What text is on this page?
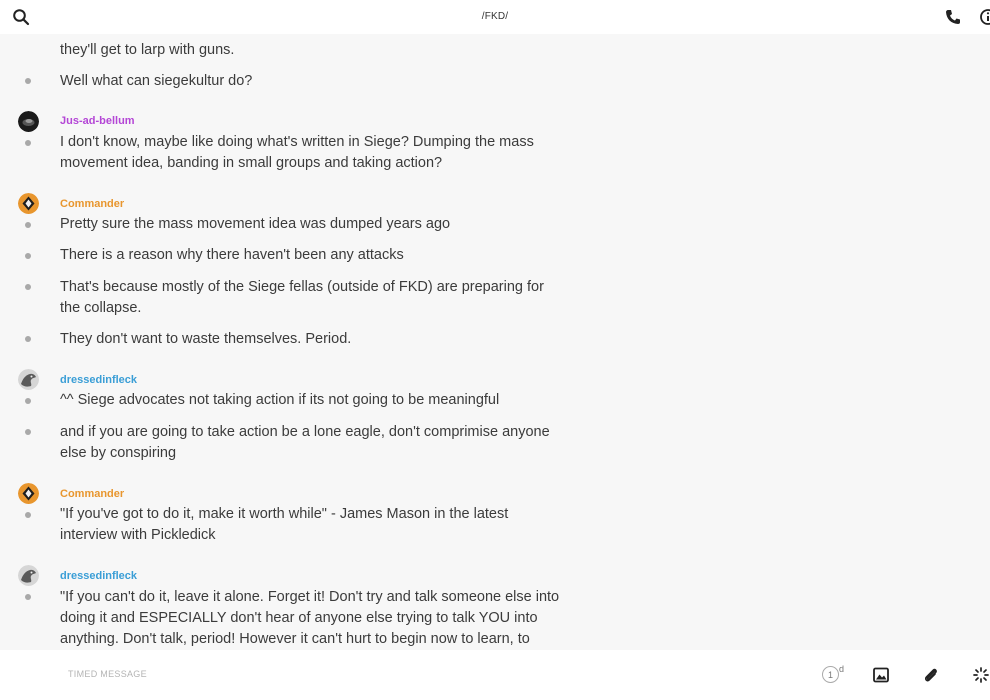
/FKD/
they'll get to larp with guns.
Well what can siegekultur do?
Jus-ad-bellum
I don't know, maybe like doing what's written in Siege? Dumping the mass movement idea, banding in small groups and taking action?
Commander
Pretty sure the mass movement idea was dumped years ago
There is a reason why there haven't been any attacks
That's because mostly of the Siege fellas (outside of FKD) are preparing for the collapse.
They don't want to waste themselves. Period.
dressedinfleck
^^ Siege advocates not taking action if its not going to be meaningful
and if you are going to take action be a lone eagle, don't comprimise anyone else by conspiring
Commander
"If you've got to do it, make it worth while" - James Mason in the latest interview with Pickledick
dressedinfleck
"If you can't do it, leave it alone. Forget it! Don't try and talk someone else into doing it and ESPECIALLY don't hear of anyone else trying to talk YOU into anything. Don't talk, period! However it can't hurt to begin now to learn, to
TIMED MESSAGE
1
d
